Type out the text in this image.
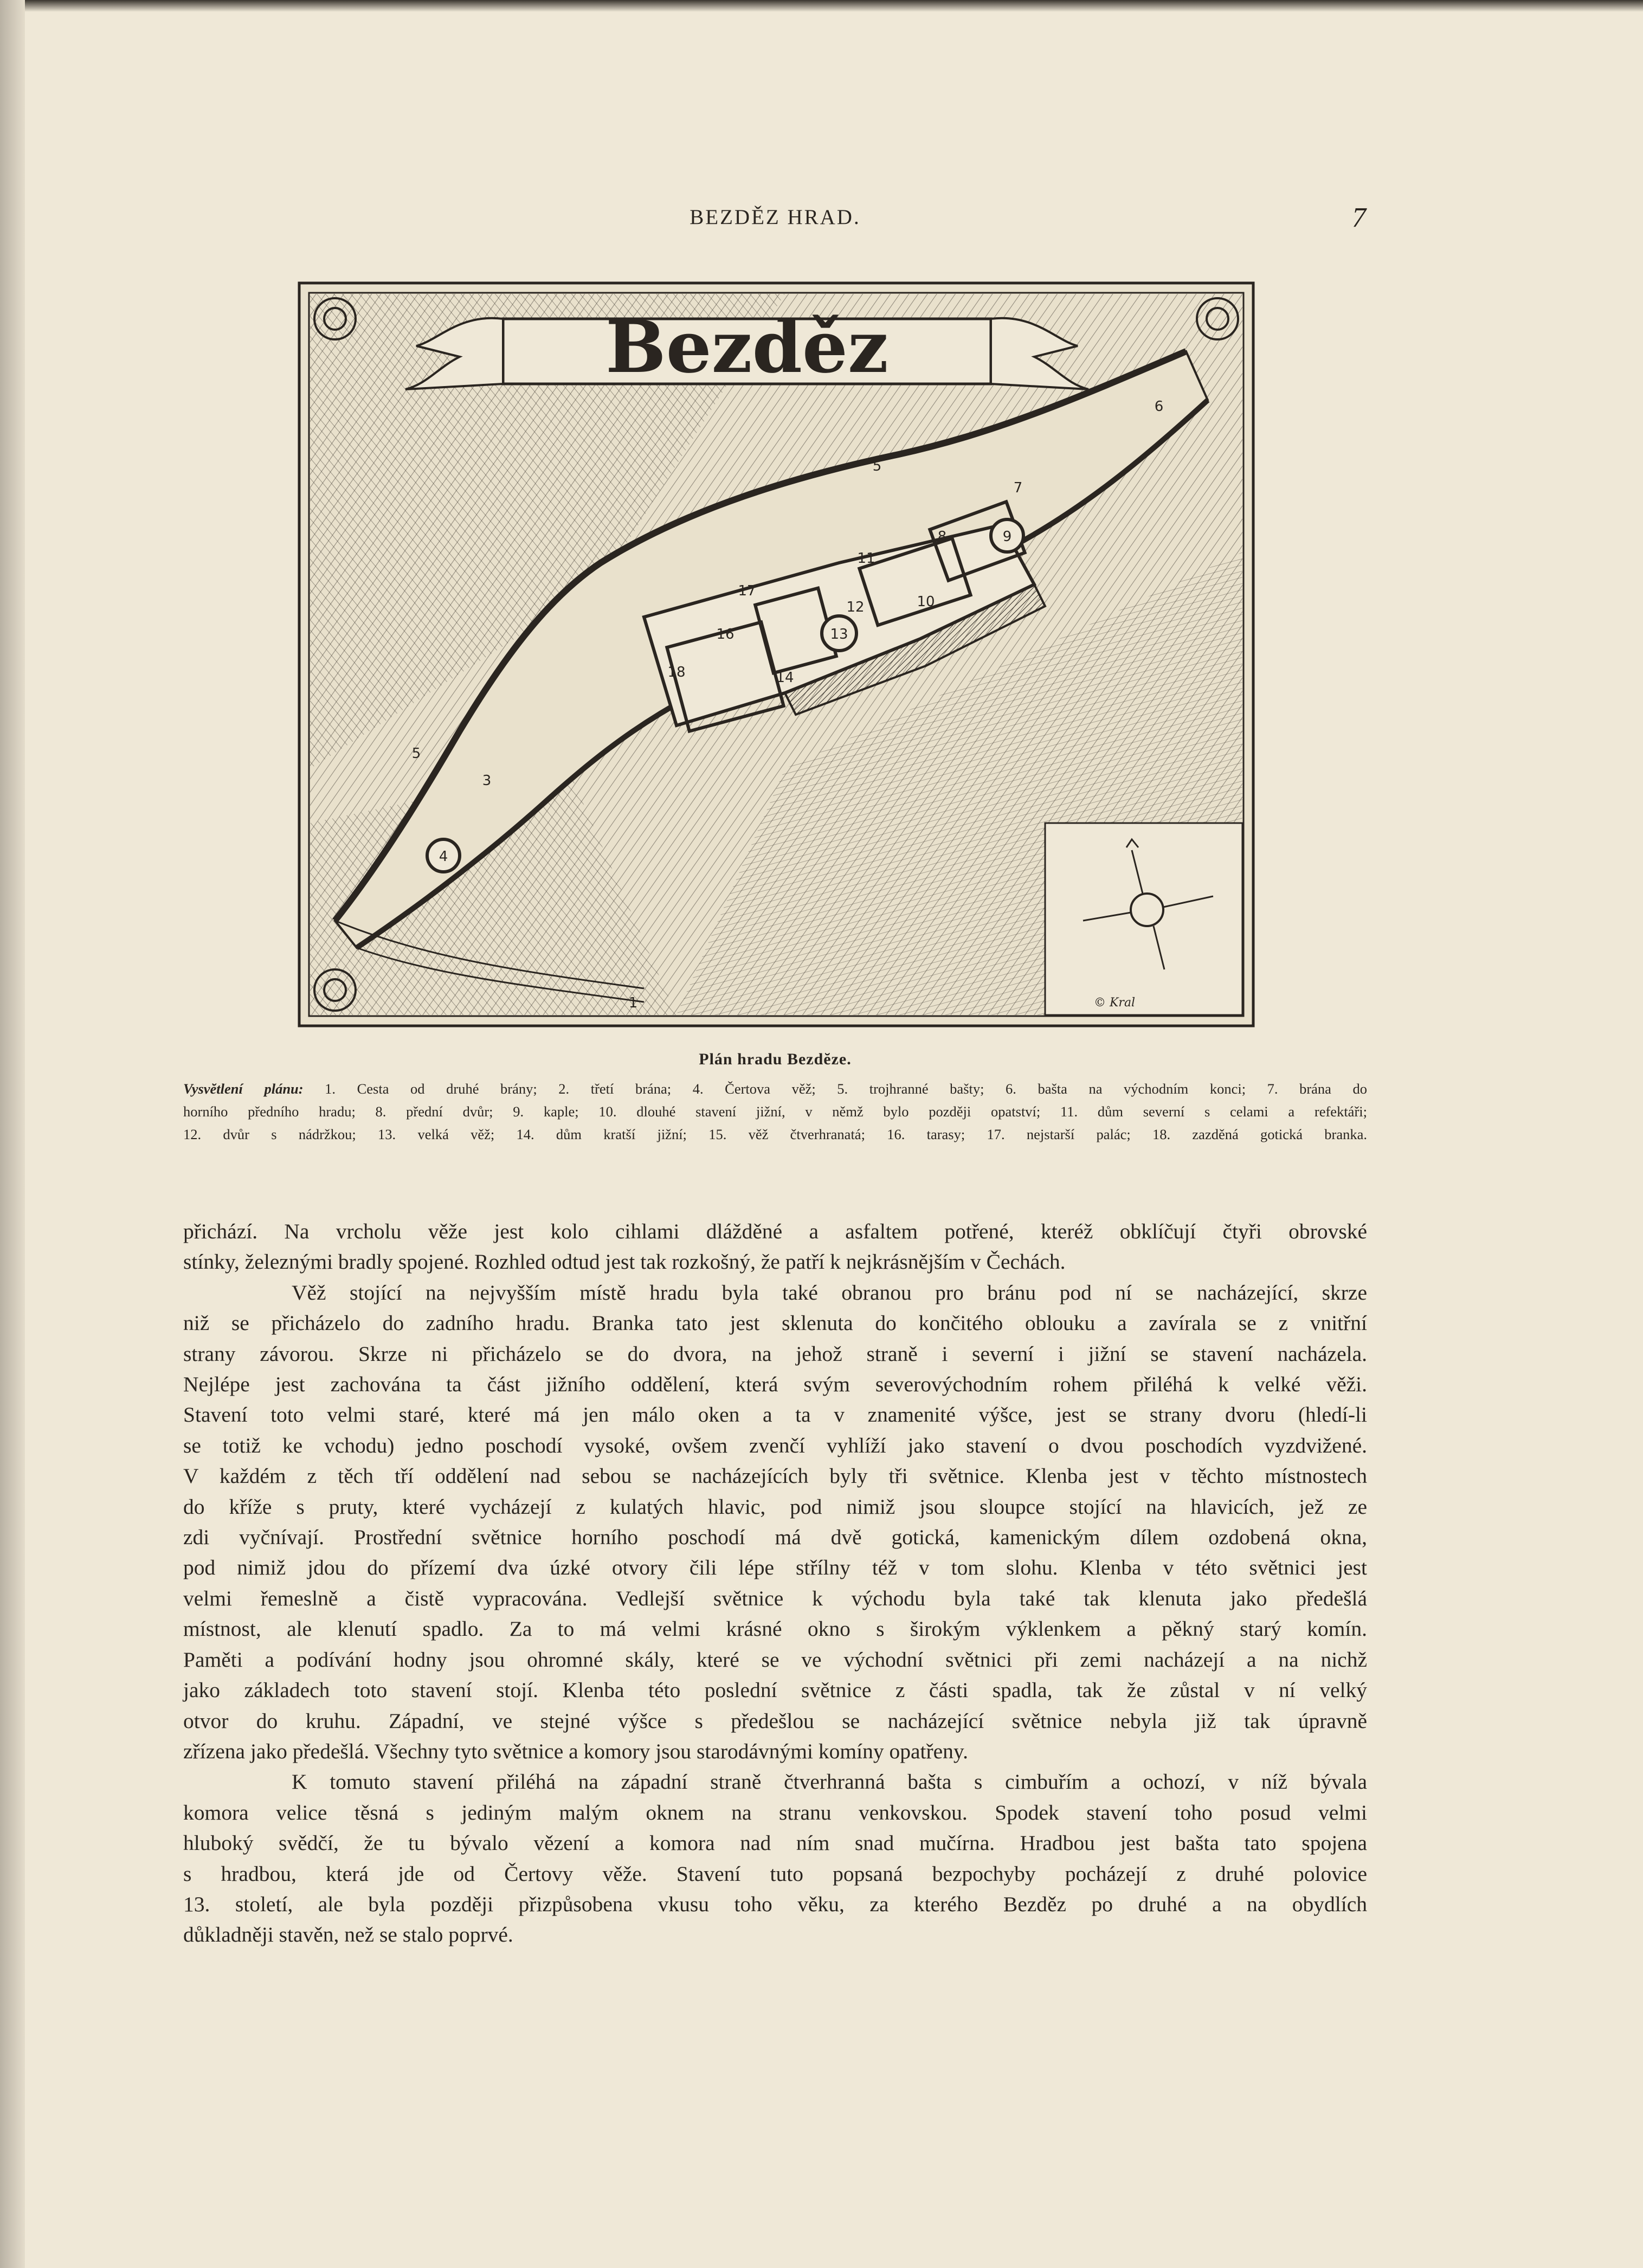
BEZDĚZ HRAD.	7
1
3
4
5
5
6
7
8	9
10
11
12
13
14
16
17
18
Bezděz
© Kral
Plán hradu Bezdĕze.
Vysvĕtlení plánu: 1. Cesta od druhé brány; 2. třetí brána; 4. Čertova věž; 5. trojhranné bašty; 6. bašta na východním konci; 7. brána do
horního předního hradu; 8. přední dvůr; 9. kaple; 10. dlouhé stavení jižní, v němž bylo později opatství; 11. dům severní s celami a refektáři;
12. dvůr s nádržkou; 13. velká věž; 14. dům kratší jižní; 15. věž čtverhranatá; 16. tarasy; 17. nejstarší palác; 18. zazděná gotická branka.

přichází. Na vrcholu věže jest kolo cihlami dlážděné a asfaltem potřené, kteréž obklíčují čtyři obrovské
stínky, železnými bradly spojené. Rozhled odtud jest tak rozkošný, že patří k nejkrásnějším v Čechách.

Věž stojící na nejvyšším místě hradu byla také obranou pro bránu pod ní se nacházející, skrze
niž se přicházelo do zadního hradu. Branka tato jest sklenuta do končitého oblouku a zavírala se z vnitřní
strany závorou. Skrze ni přicházelo se do dvora, na jehož straně i severní i jižní se stavení nacházela.
Nejlépe jest zachována ta část jižního oddělení, která svým severovýchodním rohem přiléhá k velké věži.
Stavení toto velmi staré, které má jen málo oken a ta v znamenité výšce, jest se strany dvoru (hledí-li
se totiž ke vchodu) jedno poschodí vysoké, ovšem zvenčí vyhlíží jako stavení o dvou poschodích vyzdvižené.
V každém z těch tří oddělení nad sebou se nacházejících byly tři světnice. Klenba jest v těchto místnostech
do kříže s pruty, které vycházejí z kulatých hlavic, pod nimiž jsou sloupce stojící na hlavicích, jež ze
zdi vyčnívají. Prostřední světnice horního poschodí má dvě gotická, kamenickým dílem ozdobená okna,
pod nimiž jdou do přízemí dva úzké otvory čili lépe střílny též v tom slohu. Klenba v této světnici jest
velmi řemeslně a čistě vypracována. Vedlejší světnice k východu byla také tak klenuta jako předešlá
místnost, ale klenutí spadlo. Za to má velmi krásné okno s širokým výklenkem a pěkný starý komín.
Paměti a podívání hodny jsou ohromné skály, které se ve východní světnici při zemi nacházejí a na nichž
jako základech toto stavení stojí. Klenba této poslední světnice z části spadla, tak že zůstal v ní velký
otvor do kruhu. Západní, ve stejné výšce s předešlou se nacházející světnice nebyla již tak úpravně
zřízena jako předešlá. Všechny tyto světnice a komory jsou starodávnými komíny opatřeny.

K tomuto stavení přiléhá na západní straně čtverhranná bašta s cimbuřím a ochozí, v níž bývala
komora velice těsná s jediným malým oknem na stranu venkovskou. Spodek stavení toho posud velmi
hluboký svědčí, že tu bývalo vězení a komora nad ním snad mučírna. Hradbou jest bašta tato spojena
s hradbou, která jde od Čertovy věže. Stavení tuto popsaná bezpochyby pocházejí z druhé polovice
13. století, ale byla později přizpůsobena vkusu toho věku, za kterého Bezděz po druhé a na obydlích
důkladněji stavěn, než se stalo poprvé.
